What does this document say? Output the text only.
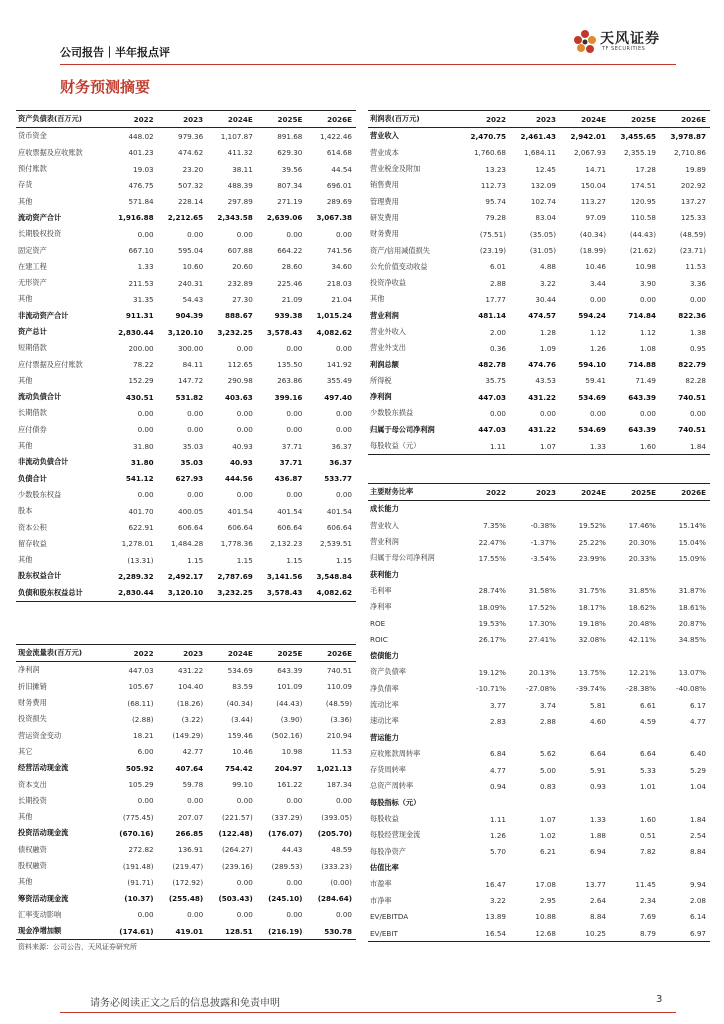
公司报告｜半年报点评
天风证券
TF SECURITIES
财务预测摘要
资产负债表(百万元)	2022	2023	2024E	2025E	2026E
货币资金	448.02	979.36	1,107.87	891.68	1,422.46
应收票据及应收账款	401.23	474.62	411.32	629.30	614.68
预付账款	19.03	23.20	38.11	39.56	44.54
存货	476.75	507.32	488.39	807.34	696.01
其他	571.84	228.14	297.89	271.19	289.69
流动资产合计	1,916.88	2,212.65	2,343.58	2,639.06	3,067.38
长期股权投资	0.00	0.00	0.00	0.00	0.00
固定资产	667.10	595.04	607.88	664.22	741.56
在建工程	1.33	10.60	20.60	28.60	34.60
无形资产	211.53	240.31	232.89	225.46	218.03
其他	31.35	54.43	27.30	21.09	21.04
非流动资产合计	911.31	904.39	888.67	939.38	1,015.24
资产总计	2,830.44	3,120.10	3,232.25	3,578.43	4,082.62
短期借款	200.00	300.00	0.00	0.00	0.00
应付票据及应付账款	78.22	84.11	112.65	135.50	141.92
其他	152.29	147.72	290.98	263.86	355.49
流动负债合计	430.51	531.82	403.63	399.16	497.40
长期借款	0.00	0.00	0.00	0.00	0.00
应付债券	0.00	0.00	0.00	0.00	0.00
其他	31.80	35.03	40.93	37.71	36.37
非流动负债合计	31.80	35.03	40.93	37.71	36.37
负债合计	541.12	627.93	444.56	436.87	533.77
少数股东权益	0.00	0.00	0.00	0.00	0.00
股本	401.70	400.05	401.54	401.54	401.54
资本公积	622.91	606.64	606.64	606.64	606.64
留存收益	1,278.01	1,484.28	1,778.36	2,132.23	2,539.51
其他	(13.31)	1.15	1.15	1.15	1.15
股东权益合计	2,289.32	2,492.17	2,787.69	3,141.56	3,548.84
负债和股东权益总计	2,830.44	3,120.10	3,232.25	3,578.43	4,082.62
利润表(百万元)	2022	2023	2024E	2025E	2026E
营业收入	2,470.75	2,461.43	2,942.01	3,455.65	3,978.87
营业成本	1,760.68	1,684.11	2,067.93	2,355.19	2,710.86
营业税金及附加	13.23	12.45	14.71	17.28	19.89
销售费用	112.73	132.09	150.04	174.51	202.92
管理费用	95.74	102.74	113.27	120.95	137.27
研发费用	79.28	83.04	97.09	110.58	125.33
财务费用	(75.51)	(35.05)	(40.34)	(44.43)	(48.59)
资产/信用减值损失	(23.19)	(31.05)	(18.99)	(21.62)	(23.71)
公允价值变动收益	6.01	4.88	10.46	10.98	11.53
投资净收益	2.88	3.22	3.44	3.90	3.36
其他	17.77	30.44	0.00	0.00	0.00
营业利润	481.14	474.57	594.24	714.84	822.36
营业外收入	2.00	1.28	1.12	1.12	1.38
营业外支出	0.36	1.09	1.26	1.08	0.95
利润总额	482.78	474.76	594.10	714.88	822.79
所得税	35.75	43.53	59.41	71.49	82.28
净利润	447.03	431.22	534.69	643.39	740.51
少数股东损益	0.00	0.00	0.00	0.00	0.00
归属于母公司净利润	447.03	431.22	534.69	643.39	740.51
每股收益（元）	1.11	1.07	1.33	1.60	1.84
主要财务比率	2022	2023	2024E	2025E	2026E
成长能力					
营业收入	7.35%	-0.38%	19.52%	17.46%	15.14%
营业利润	22.47%	-1.37%	25.22%	20.30%	15.04%
归属于母公司净利润	17.55%	-3.54%	23.99%	20.33%	15.09%
获利能力					
毛利率	28.74%	31.58%	31.75%	31.85%	31.87%
净利率	18.09%	17.52%	18.17%	18.62%	18.61%
ROE	19.53%	17.30%	19.18%	20.48%	20.87%
ROIC	26.17%	27.41%	32.08%	42.11%	34.85%
偿债能力					
资产负债率	19.12%	20.13%	13.75%	12.21%	13.07%
净负债率	-10.71%	-27.08%	-39.74%	-28.38%	-40.08%
流动比率	3.77	3.74	5.81	6.61	6.17
速动比率	2.83	2.88	4.60	4.59	4.77
营运能力					
应收账款周转率	6.84	5.62	6.64	6.64	6.40
存货周转率	4.77	5.00	5.91	5.33	5.29
总资产周转率	0.94	0.83	0.93	1.01	1.04
每股指标（元）					
每股收益	1.11	1.07	1.33	1.60	1.84
每股经营现金流	1.26	1.02	1.88	0.51	2.54
每股净资产	5.70	6.21	6.94	7.82	8.84
估值比率					
市盈率	16.47	17.08	13.77	11.45	9.94
市净率	3.22	2.95	2.64	2.34	2.08
EV/EBITDA	13.89	10.88	8.84	7.69	6.14
EV/EBIT	16.54	12.68	10.25	8.79	6.97
现金流量表(百万元)	2022	2023	2024E	2025E	2026E
净利润	447.03	431.22	534.69	643.39	740.51
折旧摊销	105.67	104.40	83.59	101.09	110.09
财务费用	(68.11)	(18.26)	(40.34)	(44.43)	(48.59)
投资损失	(2.88)	(3.22)	(3.44)	(3.90)	(3.36)
营运资金变动	18.21	(149.29)	159.46	(502.16)	210.94
其它	6.00	42.77	10.46	10.98	11.53
经营活动现金流	505.92	407.64	754.42	204.97	1,021.13
资本支出	105.29	59.78	99.10	161.22	187.34
长期投资	0.00	0.00	0.00	0.00	0.00
其他	(775.45)	207.07	(221.57)	(337.29)	(393.05)
投资活动现金流	(670.16)	266.85	(122.48)	(176.07)	(205.70)
债权融资	272.82	136.91	(264.27)	44.43	48.59
股权融资	(191.48)	(219.47)	(239.16)	(289.53)	(333.23)
其他	(91.71)	(172.92)	0.00	0.00	(0.00)
筹资活动现金流	(10.37)	(255.48)	(503.43)	(245.10)	(284.64)
汇率变动影响	0.00	0.00	0.00	0.00	0.00
现金净增加额	(174.61)	419.01	128.51	(216.19)	530.78
资料来源：公司公告，天风证券研究所
请务必阅读正文之后的信息披露和免责申明	3
